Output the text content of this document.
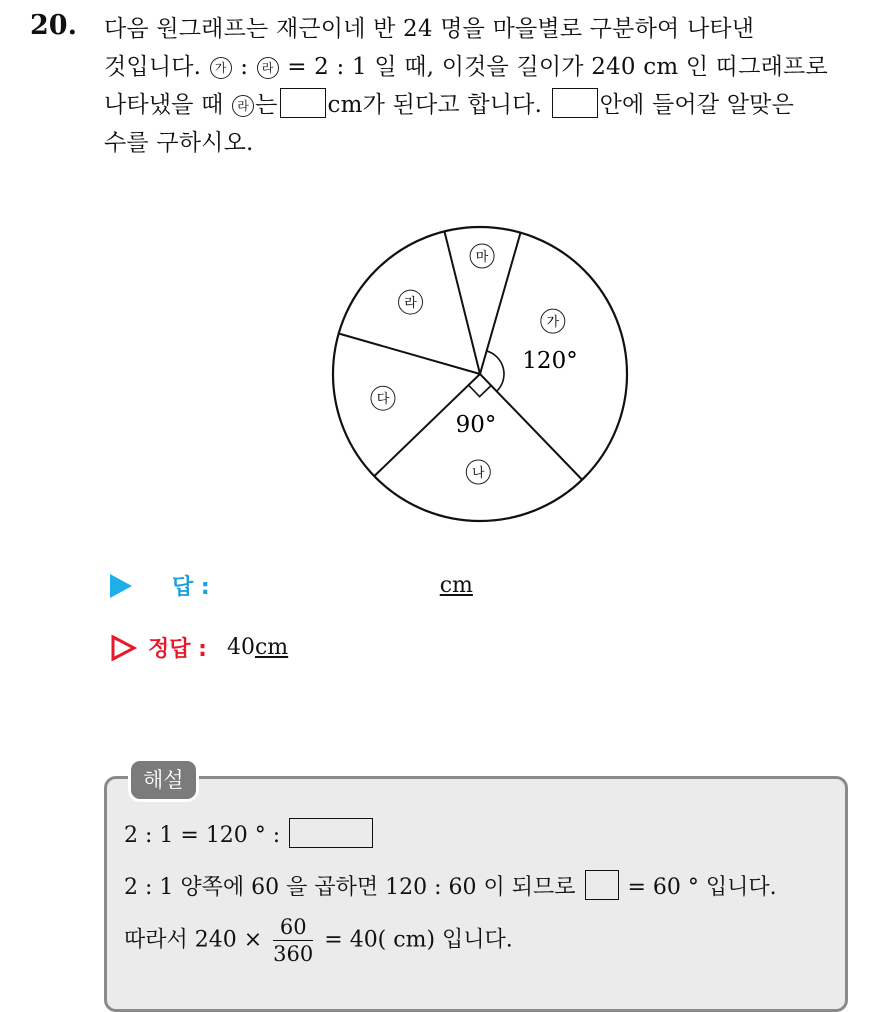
20. 다음 원그래프는 재근이네 반 24 명을 마을별로 구분하여 나타낸
것입니다. 가 : 라 = 2 : 1 일 때, 이것을 길이가 240 cm 인 띠그래프로
나타냈을 때 라 는 cm가 된다고 합니다.	안에 들어갈 알맞은
수를 구하시오.
가
나
다
라
마
120°
90°
답 :	cm
정답 : 40 cm
해설
2 : 1 = 120 ° :
2 : 1 양쪽에 60 을 곱하면 120 : 60 이 되므로 = 60 ° 입니다.
따라서 $240 \times \frac{60}{360} = 40$( cm) 입니다.
